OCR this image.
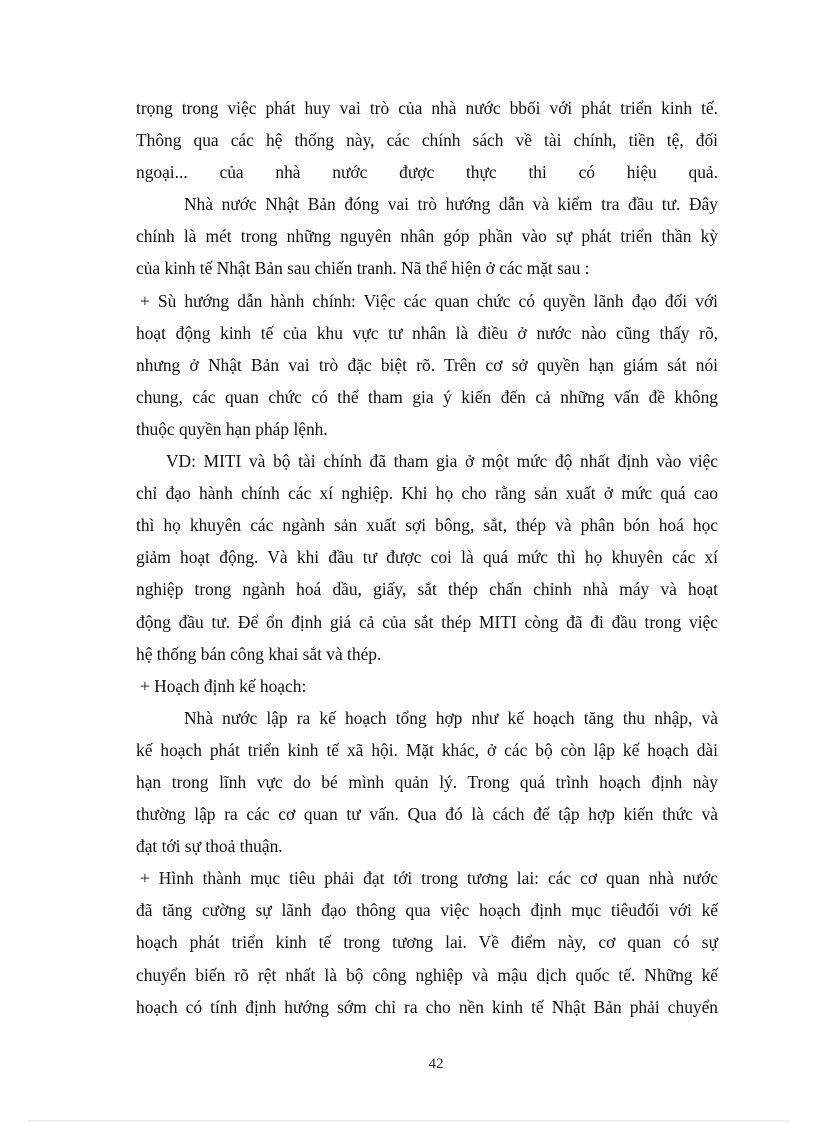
trọng trong việc phát huy vai trò của nhà nước bbối với phát triển kinh tế.
Thông qua các hệ thống này, các chính sách về tài chính, tiền tệ, đối
ngoại... của nhà nước được thực thi có hiệu quả.
Nhà nước Nhật Bản đóng vai trò hướng dẫn và kiểm tra đầu tư. Đây
chính là mét trong những nguyên nhân góp phần vào sự phát triển thần kỳ
của kinh tế Nhật Bản sau chiến tranh. Nã thể hiện ở các mặt sau :
+ Sù hướng dẫn hành chính: Việc các quan chức có quyền lãnh đạo đối với
hoạt động kinh tế của khu vực tư nhân là điều ở nước nào cũng thấy rõ,
nhưng ở Nhật Bản vai trò đặc biệt rõ. Trên cơ sở quyền hạn giám sát nói
chung, các quan chức có thể tham gia ý kiến đến cả những vấn đề không
thuộc quyền hạn pháp lệnh.
VD: MITI và bộ tài chính đã tham gia ở một mức độ nhất định vào việc
chỉ đạo hành chính các xí nghiệp. Khi họ cho rằng sản xuất ở mức quá cao
thì họ khuyên các ngành sản xuất sợi bông, sắt, thép và phân bón hoá học
giảm hoạt động. Và khi đầu tư được coi là quá mức thì họ khuyên các xí
nghiệp trong ngành hoá dầu, giấy, sắt thép chấn chỉnh nhà máy và hoạt
động đầu tư. Để ổn định giá cả của sắt thép MITI còng đã đi đầu trong việc
hệ thống bán công khai sắt và thép.
+ Hoạch định kế hoạch:
Nhà nước lập ra kế hoạch tổng hợp như kế hoạch tăng thu nhập, và
kế hoạch phát triển kinh tế xã hội. Mặt khác, ở các bộ còn lập kế hoạch dài
hạn trong lĩnh vực do bé mình quản lý. Trong quá trình hoạch định này
thường lập ra các cơ quan tư vấn. Qua đó là cách để tập hợp kiến thức và
đạt tới sự thoả thuận.
+ Hình thành mục tiêu phải đạt tới trong tương lai: các cơ quan nhà nước
đã tăng cường sự lãnh đạo thông qua việc hoạch định mục tiêuđối với kế
hoạch phát triển kinh tế trong tương lai. Về điểm này, cơ quan có sự
chuyển biến rõ rệt nhất là bộ công nghiệp và mậu dịch quốc tế. Những kế
hoạch có tính định hướng sớm chỉ ra cho nền kinh tế Nhật Bản phải chuyển
42
